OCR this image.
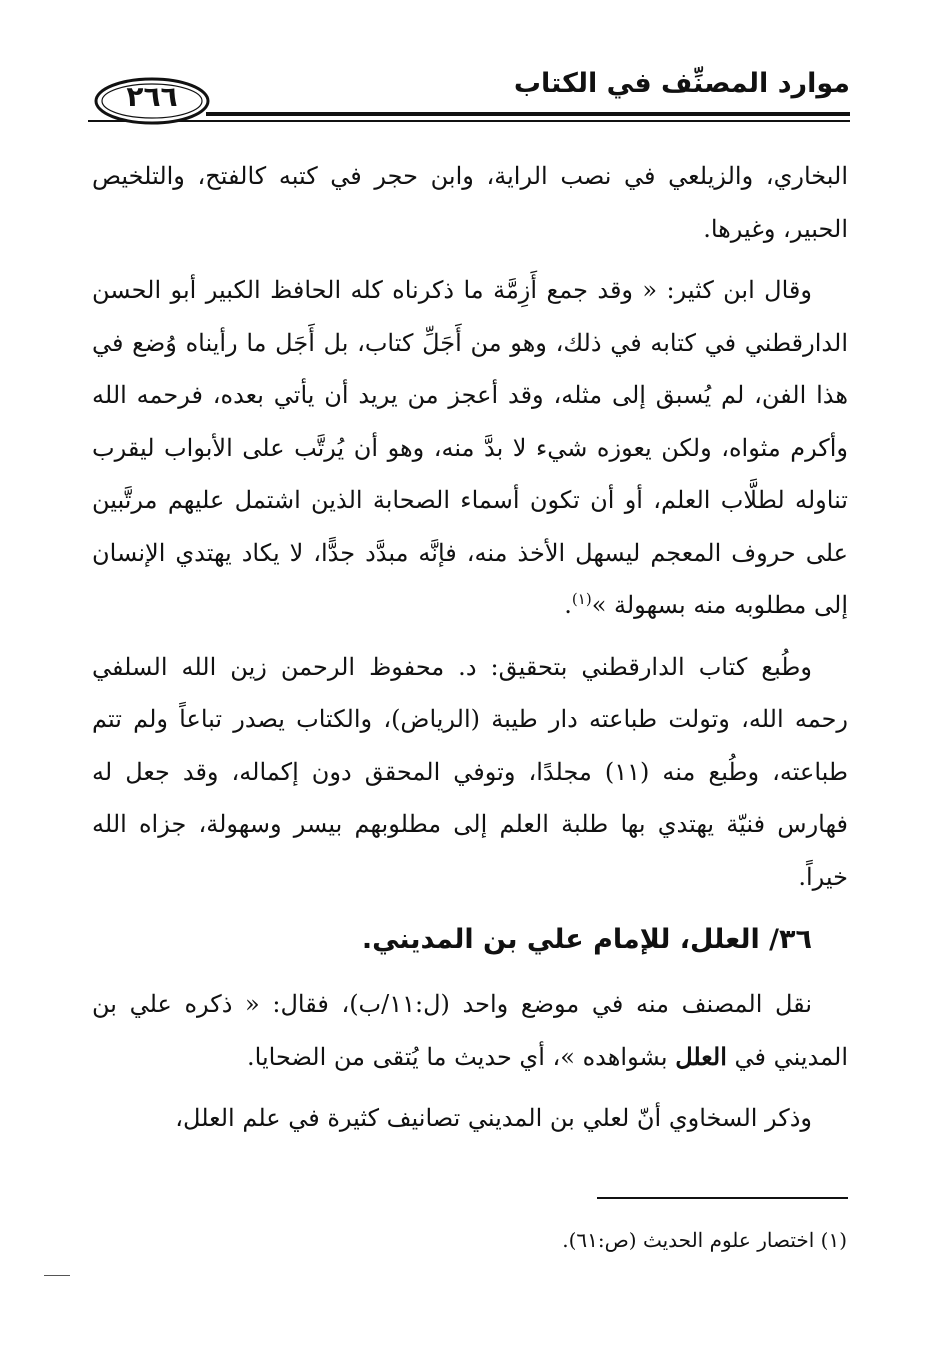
موارد المصنِّف في الكتاب
٢٦٦

البخاري، والزيلعي في نصب الراية، وابن حجر في كتبه كالفتح، والتلخيص الحبير، وغيرها.

وقال ابن كثير: « وقد جمع أَزِمَّة ما ذكرناه كله الحافظ الكبير أبو الحسن الدارقطني في كتابه في ذلك، وهو من أَجَلِّ كتاب، بل أَجَل ما رأيناه وُضع في هذا الفن، لم يُسبق إلى مثله، وقد أعجز من يريد أن يأتي بعده، فرحمه الله وأكرم مثواه، ولكن يعوزه شيء لا بدَّ منه، وهو أن يُرتَّب على الأبواب ليقرب تناوله لطلَّاب العلم، أو أن تكون أسماء الصحابة الذين اشتمل عليهم مرتَّبين على حروف المعجم ليسهل الأخذ منه، فإنَّه مبدَّد جدًّا، لا يكاد يهتدي الإنسان إلى مطلوبه منه بسهولة »$^{(١)}$.

وطُبع كتاب الدارقطني بتحقيق: د. محفوظ الرحمن زين الله السلفي رحمه الله، وتولت طباعته دار طيبة (الرياض)، والكتاب يصدر تباعاً ولم تتم طباعته، وطُبع منه (١١) مجلدًا، وتوفي المحقق دون إكماله، وقد جعل له فهارس فنيّة يهتدي بها طلبة العلم إلى مطلوبهم بيسر وسهولة، جزاه الله خيراً.

٣٦/ العلل، للإمام علي بن المديني.

نقل المصنف منه في موضع واحد (ل:١١/ب)، فقال: « ذكره علي بن المديني في العلل بشواهده »، أي حديث ما يُتقى من الضحايا.

وذكر السخاوي أنّ لعلي بن المديني تصانيف كثيرة في علم العلل،

(١) اختصار علوم الحديث (ص:٦١).
